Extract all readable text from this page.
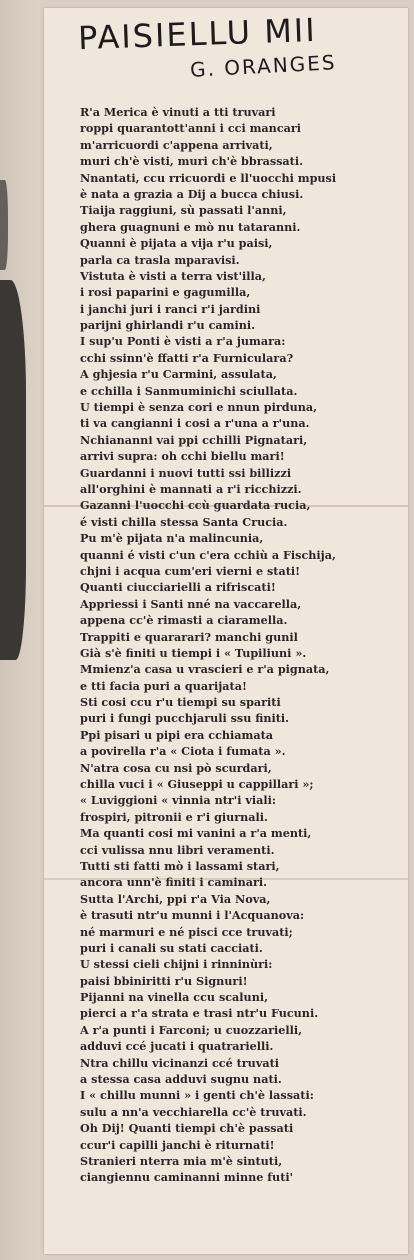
PAISIELLU MII
G. ORANGES
R'a Merica è vinuti a tti truvari
roppi quarantott'anni i cci mancari
m'arricuordi c'appena arrivati,
muri ch'è visti, muri ch'è bbrassati.
Nnantati, ccu rricuordi e ll'uocchi mpusi
è nata a grazia a Dij a bucca chiusi.
Tiaija raggiuni, sù passati l'anni,
ghera guagnuni e mò nu tataranni.
Quanni è pijata a vija r'u paisi,
parla ca trasla mparavisi.
Vistuta è visti a terra vist'illa,
i rosi paparini e gagumilla,
i janchi juri i ranci r'i jardini
parijni ghirlandi r'u camini.
I sup'u Ponti è visti a r'a jumara:
cchi ssinn'è ffatti r'a Furnicularа?
A ghjesia r'u Carmini, assulata,
e cchilla i Sanmuminichi sciullata.
U tiempi è senza cori e nnun pirduna,
ti va cangianni i cosi a r'una a r'una.
Nchianannі vai ppi cchilli Pignatari,
arrivi supra: oh cchi biellu mari!
Guardanni i nuovi tutti ssi billizzi
all'orghini è mannati a r'i ricchizzi.
Gazanni l'uocchi ccù guardata rucia,
é visti chilla stessa Santa Crucia.
Pu m'è pijata n'a malincunia,
quanni é visti c'un c'era cchiù a Fischija,
chjni i acqua cum'eri vierni e stati!
Quanti ciucciarielli a rifriscati!
Appriessi i Santi nné na vaccarella,
appena cc'è rimasti a ciaramella.
Trappiti e quararari? manchi gunil
Già s'è finiti u tiempi i « Tupiliuni ».
Mmienz'a casa u vrascieri e r'a pignata,
e tti facia puri a quarijata!
Sti cosi ccu r'u tiempi su spariti
puri i fungi pucchjaruli ssu finiti.
Ppi pisari u pipi era cchiamata
a povirella r'a « Ciota i fumata ».
N'atra cosa cu nsi pò scurdari,
chilla vuci i « Giuseppi u cappillari »;
« Luviggioni « vinnia ntr'i viali:
frospiri, pitronii e r'i giurnali.
Ma quanti cosi mi vanini a r'a menti,
cci vulissa nnu libri veramenti.
Tutti sti fatti mò i lassami stari,
ancora unn'è finiti i caminari.
Sutta l'Archi, ppi r'a Via Nova,
è trasuti ntr'u munni i l'Acquanova:
né marmuri e né pisci cce truvati;
puri i canali su stati cacciati.
U stessi cieli chijni i rinninùri:
paisi bbiniritti r'u Signuri!
Pijanni na vinella ccu scaluni,
pierci a r'a strata e trasi ntr'u Fucuni.
A r'a punti i Farconi; u cuozzarielli,
adduvi ccé jucati i quatrarielli.
Ntra chillu vicinanzi ccé truvati
a stessa casa adduvi sugnu nati.
I « chillu munni » i genti ch'è lassati:
sulu a nn'a vecchiarella cc'è truvati.
Oh Dij! Quanti tiempi ch'è passati
ccur'i capilli janchi è riturnati!
Stranieri nterra mia m'è sintuti,
ciangiennu caminanni minne futi'
